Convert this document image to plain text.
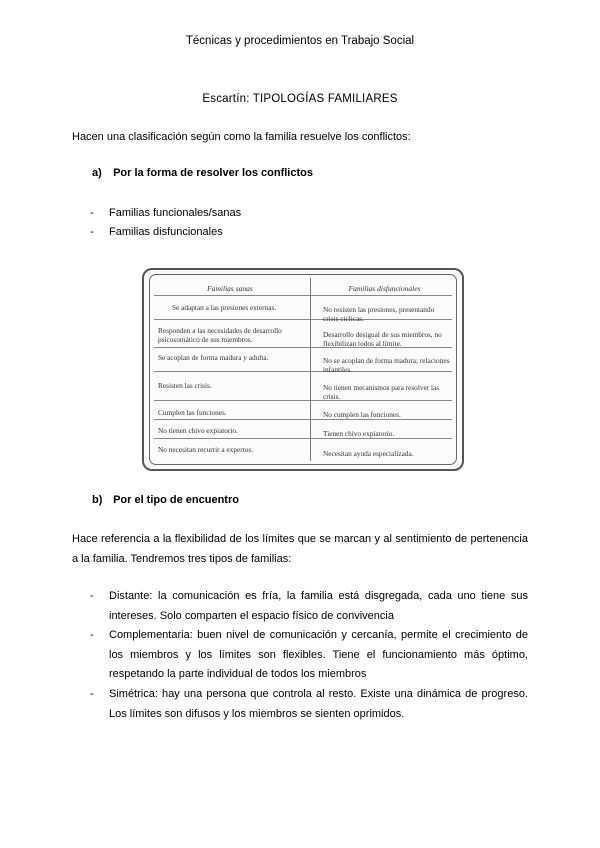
Técnicas y procedimientos en Trabajo Social
Escartín: TIPOLOGÍAS FAMILIARES
Hacen una clasificación según como la familia resuelve los conflictos:
a) Por la forma de resolver los conflictos
- Familias funcionales/sanas
- Familias disfuncionales
Familias sanas	Familias disfuncionales
Se adaptan a las presiones externas.
Responden a las necesidades de desarrollo psicosomático de sus miembros.
Se acoplan de forma madura y adulta.
Resisten las crisis.
Cumplen las funciones.
No tienen chivo expiatorio.
No necesitan recurrir a expertos.
No resisten las presiones, presentando crisis cíclicas.
Desarrollo desigual de sus miembros, no flexibilizan todos al límite.
No se acoplan de forma madura; relaciones infantiles.
No tienen mecanismos para resolver las crisis.
No cumplen las funciones.
Tienen chivo expiatorio.
Necesitan ayuda especializada.
b) Por el tipo de encuentro
Hace referencia a la flexibilidad de los límites que se marcan y al sentimiento de pertenencia a la familia. Tendremos tres tipos de familias:
- Distante: la comunicación es fría, la familia está disgregada, cada uno tiene sus intereses. Solo comparten el espacio físico de convivencia
- Complementaria: buen nivel de comunicación y cercanía, permite el crecimiento de los miembros y los límites son flexibles. Tiene el funcionamiento más óptimo, respetando la parte individual de todos los miembros
- Simétrica: hay una persona que controla al resto. Existe una dinámica de progreso. Los límites son difusos y los miembros se sienten oprimidos.
